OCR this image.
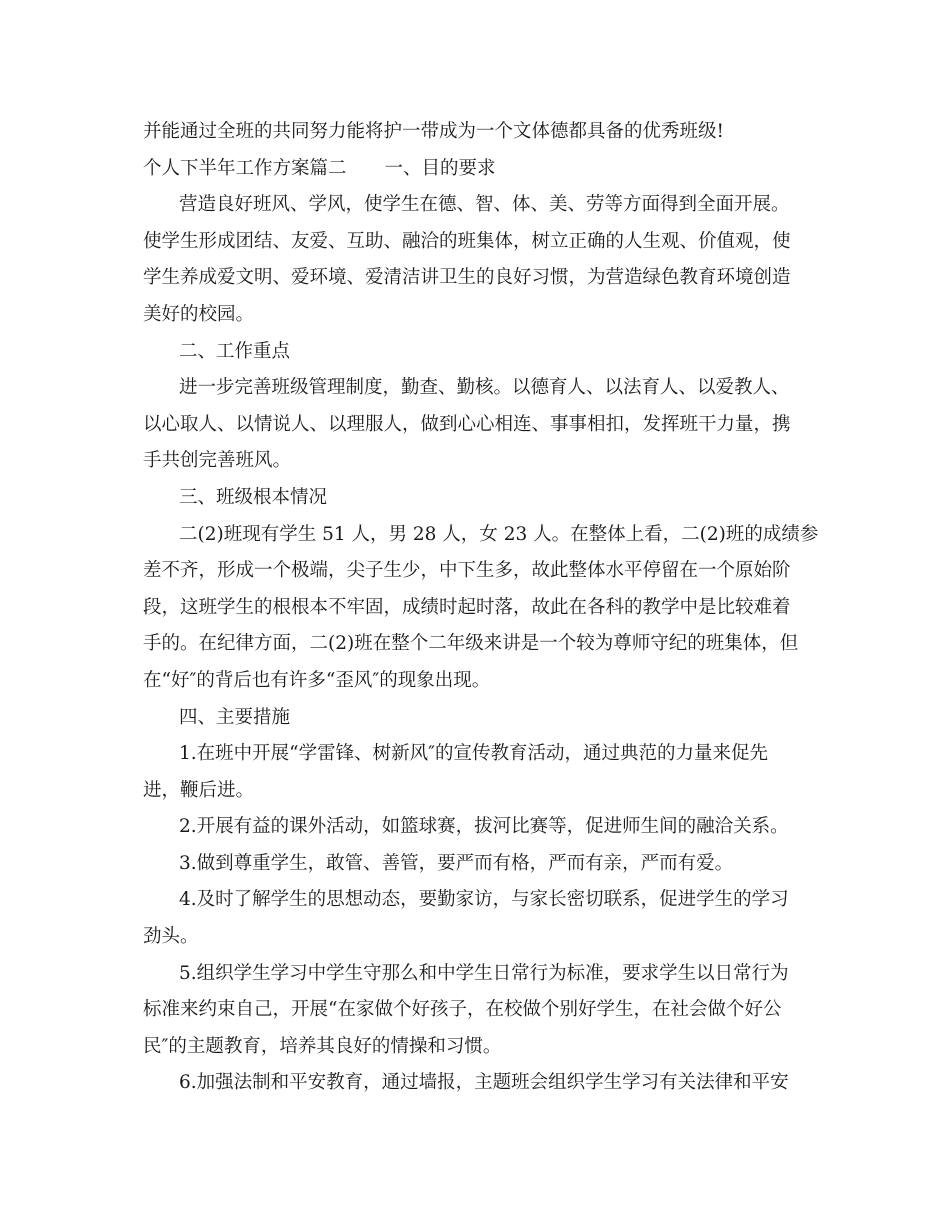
并能通过全班的共同努力能将护一带成为一个文体德都具备的优秀班级!
个人下半年工作方案篇二 一、目的要求
营造良好班风、学风，使学生在德、智、体、美、劳等方面得到全面开展。
使学生形成团结、友爱、互助、融洽的班集体，树立正确的人生观、价值观，使
学生养成爱文明、爱环境、爱清洁讲卫生的良好习惯，为营造绿色教育环境创造
美好的校园。
二、工作重点
进一步完善班级管理制度，勤查、勤核。以德育人、以法育人、以爱教人、
以心取人、以情说人、以理服人，做到心心相连、事事相扣，发挥班干力量，携
手共创完善班风。
三、班级根本情况
二(2)班现有学生 51 人，男 28 人，女 23 人。在整体上看，二(2)班的成绩参
差不齐，形成一个极端，尖子生少，中下生多，故此整体水平停留在一个原始阶
段，这班学生的根根本不牢固，成绩时起时落，故此在各科的教学中是比较难着
手的。在纪律方面，二(2)班在整个二年级来讲是一个较为尊师守纪的班集体，但
在“好″的背后也有许多“歪风″的现象出现。
四、主要措施
1.在班中开展“学雷锋、树新风″的宣传教育活动，通过典范的力量来促先
进，鞭后进。
2.开展有益的课外活动，如篮球赛，拔河比赛等，促进师生间的融洽关系。
3.做到尊重学生，敢管、善管，要严而有格，严而有亲，严而有爱。
4.及时了解学生的思想动态，要勤家访，与家长密切联系，促进学生的学习
劲头。
5.组织学生学习中学生守那么和中学生日常行为标准，要求学生以日常行为
标准来约束自己，开展“在家做个好孩子，在校做个别好学生，在社会做个好公
民″的主题教育，培养其良好的情操和习惯。
6.加强法制和平安教育，通过墙报，主题班会组织学生学习有关法律和平安
